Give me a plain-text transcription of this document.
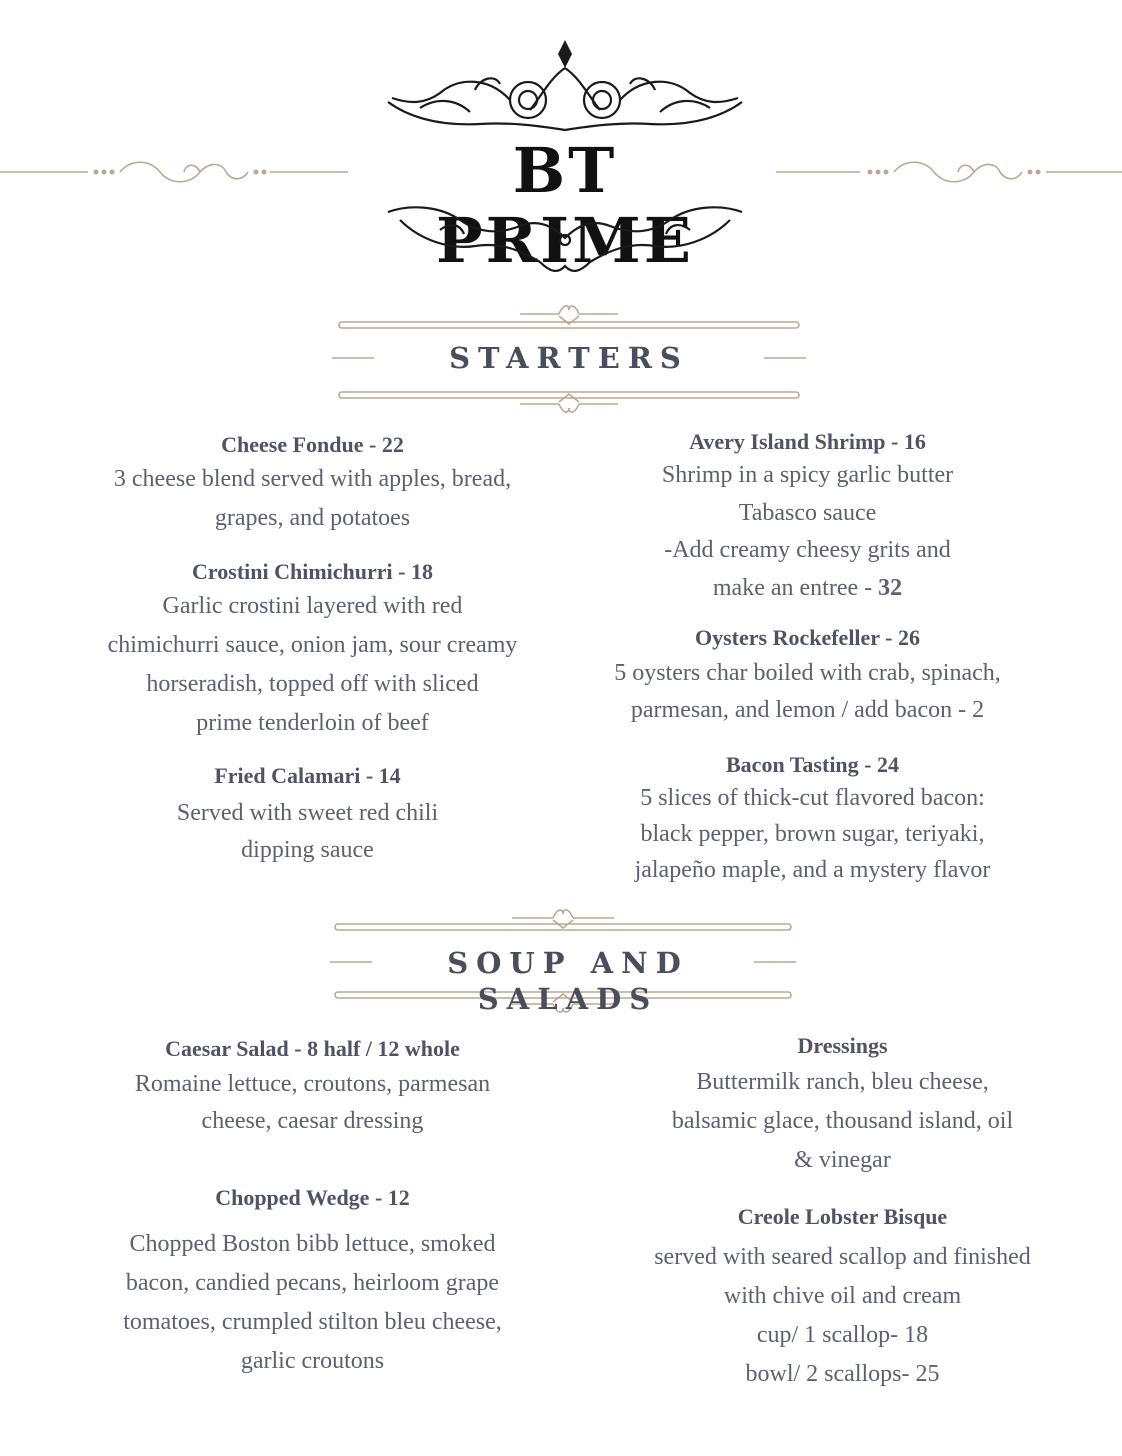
BT PRIME
STARTERS
Cheese Fondue - 22

3 cheese blend served with apples, bread,
grapes, and potatoes

Crostini Chimichurri - 18

Garlic crostini layered with red
chimichurri sauce, onion jam, sour creamy
horseradish, topped off with sliced
prime tenderloin of beef

Fried Calamari - 14

Served with sweet red chili
dipping sauce

Avery Island Shrimp - 16

Shrimp in a spicy garlic butter
Tabasco sauce
-Add creamy cheesy grits and
make an entree - 32

Oysters Rockefeller - 26

5 oysters char boiled with crab, spinach,
parmesan, and lemon / add bacon - 2

Bacon Tasting - 24

5 slices of thick-cut flavored bacon:
black pepper, brown sugar, teriyaki,
jalapeño maple, and a mystery flavor

SOUP AND SALADS
Caesar Salad - 8 half / 12 whole

Romaine lettuce, croutons, parmesan
cheese, caesar dressing

Chopped Wedge - 12

Chopped Boston bibb lettuce, smoked
bacon, candied pecans, heirloom grape
tomatoes, crumpled stilton bleu cheese,
garlic croutons

Dressings

Buttermilk ranch, bleu cheese,
balsamic glace, thousand island, oil
& vinegar

Creole Lobster Bisque

served with seared scallop and finished
with chive oil and cream
cup/ 1 scallop- 18
bowl/ 2 scallops- 25
